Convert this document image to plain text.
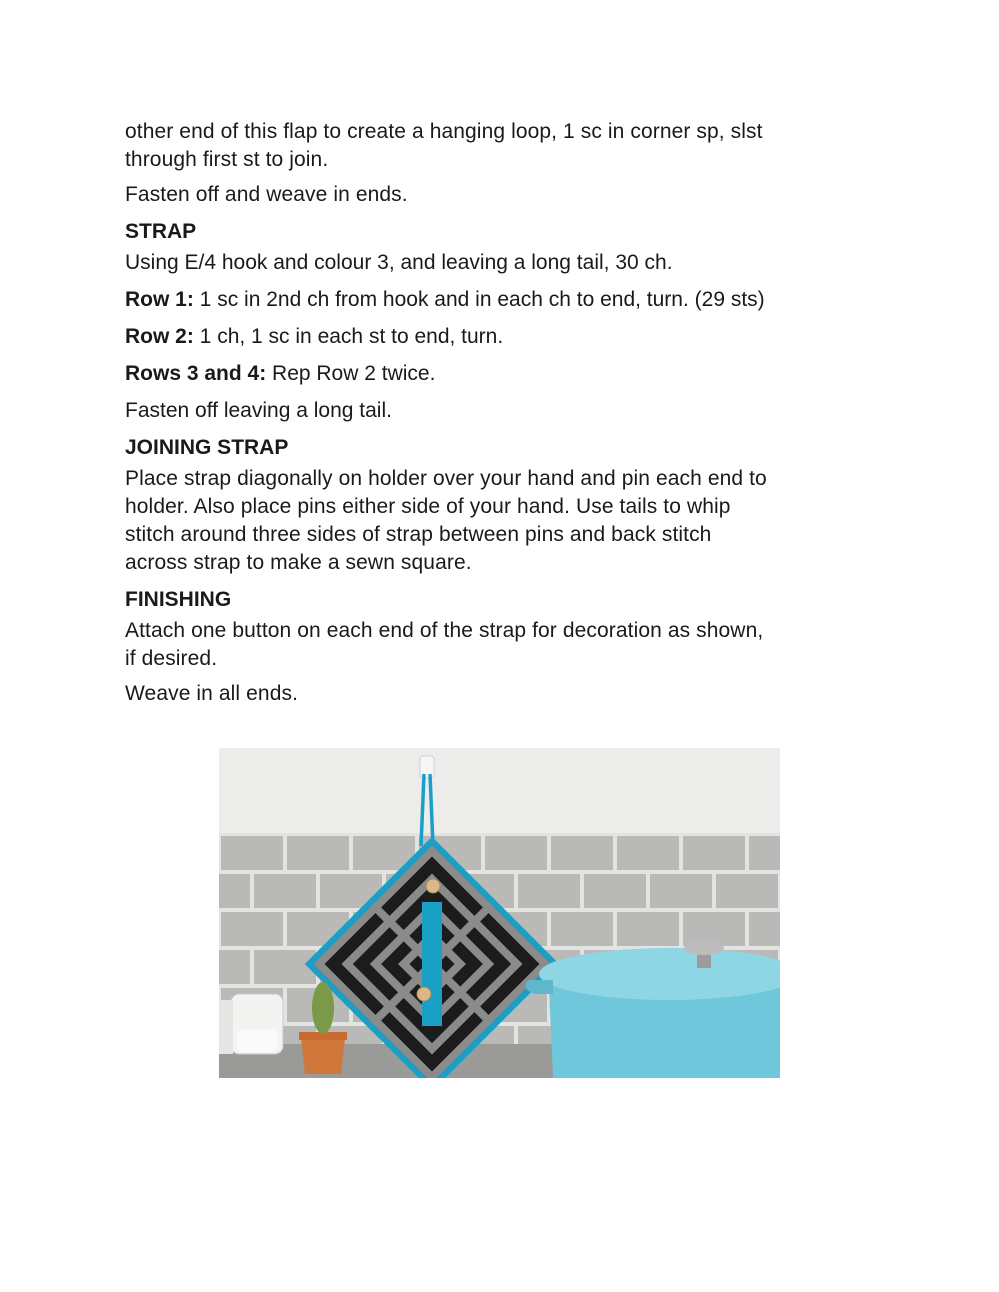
other end of this flap to create a hanging loop, 1 sc in corner sp, slst
through first st to join.
Fasten off and weave in ends.
STRAP
Using E/4 hook and colour 3, and leaving a long tail, 30 ch.
Row 1: 1 sc in 2nd ch from hook and in each ch to end, turn. (29 sts)
Row 2: 1 ch, 1 sc in each st to end, turn.
Rows 3 and 4: Rep Row 2 twice.
Fasten off leaving a long tail.
JOINING STRAP
Place strap diagonally on holder over your hand and pin each end to
holder. Also place pins either side of your hand. Use tails to whip
stitch around three sides of strap between pins and back stitch
across strap to make a sewn square.
FINISHING
Attach one button on each end of the strap for decoration as shown,
if desired.
Weave in all ends.
